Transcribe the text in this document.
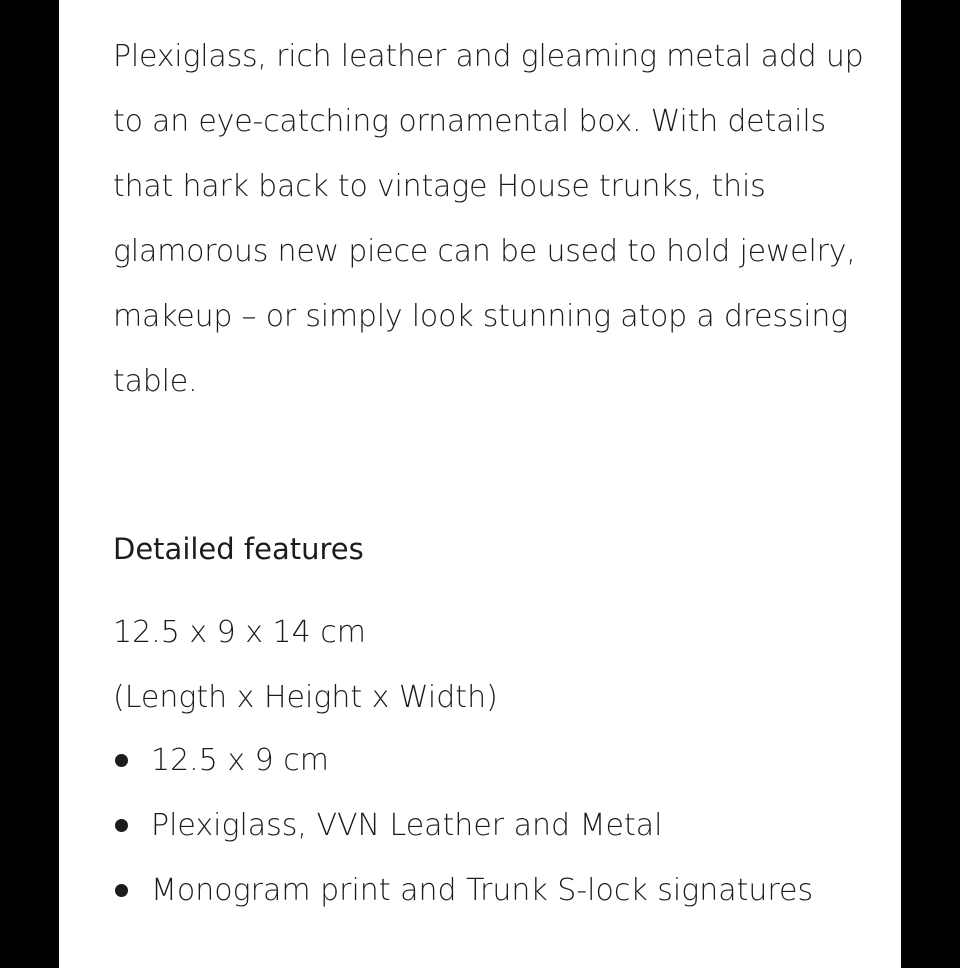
Plexiglass, rich leather and gleaming metal add up to an eye-catching ornamental box. With details that hark back to vintage House trunks, this glamorous new piece can be used to hold jewelry, makeup – or simply look stunning atop a dressing table.

Detailed features

12.5 x 9 x 14 cm
(Length x Height x Width)

12.5 x 9 cm
Plexiglass, VVN Leather and Metal
Monogram print and Trunk S-lock signatures
